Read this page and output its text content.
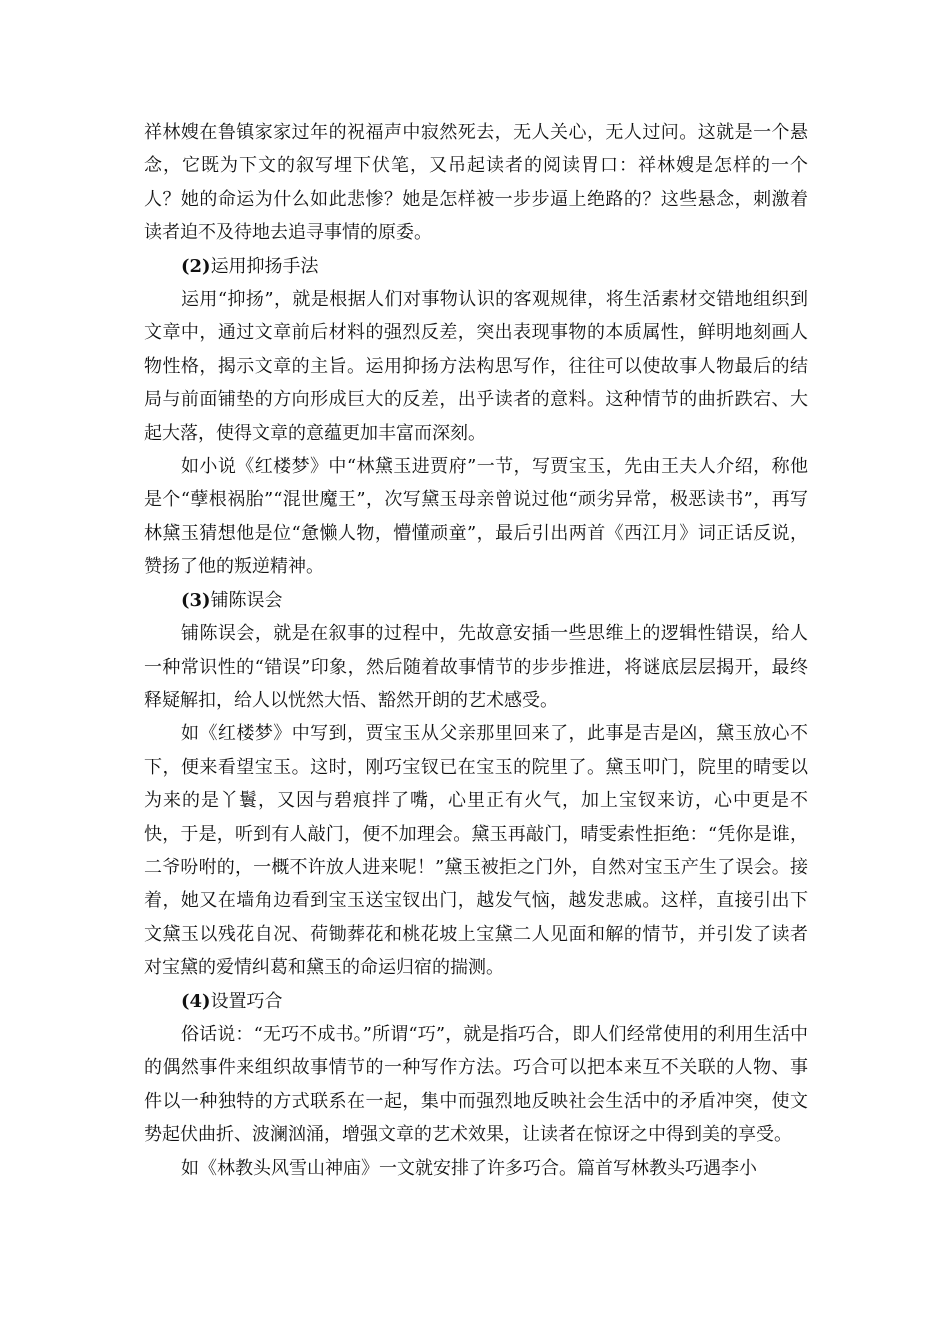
祥林嫂在鲁镇家家过年的祝福声中寂然死去，无人关心，无人过问。这就是一个悬念，它既为下文的叙写埋下伏笔，又吊起读者的阅读胃口：祥林嫂是怎样的一个人？她的命运为什么如此悲惨？她是怎样被一步步逼上绝路的？这些悬念，刺激着读者迫不及待地去追寻事情的原委。

(2)运用抑扬手法

运用“抑扬”，就是根据人们对事物认识的客观规律，将生活素材交错地组织到文章中，通过文章前后材料的强烈反差，突出表现事物的本质属性，鲜明地刻画人物性格，揭示文章的主旨。运用抑扬方法构思写作，往往可以使故事人物最后的结局与前面铺垫的方向形成巨大的反差，出乎读者的意料。这种情节的曲折跌宕、大起大落，使得文章的意蕴更加丰富而深刻。

如小说《红楼梦》中“林黛玉进贾府”一节，写贾宝玉，先由王夫人介绍，称他是个“孽根祸胎”“混世魔王”，次写黛玉母亲曾说过他“顽劣异常，极恶读书”，再写林黛玉猜想他是位“惫懒人物，懵懂顽童”，最后引出两首《西江月》词正话反说，赞扬了他的叛逆精神。

(3)铺陈误会

铺陈误会，就是在叙事的过程中，先故意安插一些思维上的逻辑性错误，给人一种常识性的“错误”印象，然后随着故事情节的步步推进，将谜底层层揭开，最终释疑解扣，给人以恍然大悟、豁然开朗的艺术感受。

如《红楼梦》中写到，贾宝玉从父亲那里回来了，此事是吉是凶，黛玉放心不下，便来看望宝玉。这时，刚巧宝钗已在宝玉的院里了。黛玉叩门，院里的晴雯以为来的是丫鬟，又因与碧痕拌了嘴，心里正有火气，加上宝钗来访，心中更是不快，于是，听到有人敲门，便不加理会。黛玉再敲门，晴雯索性拒绝：“凭你是谁，二爷吩咐的，一概不许放人进来呢！”黛玉被拒之门外，自然对宝玉产生了误会。接着，她又在墙角边看到宝玉送宝钗出门，越发气恼，越发悲戚。这样，直接引出下文黛玉以残花自况、荷锄葬花和桃花坡上宝黛二人见面和解的情节，并引发了读者对宝黛的爱情纠葛和黛玉的命运归宿的揣测。

(4)设置巧合

俗话说：“无巧不成书。”所谓“巧”，就是指巧合，即人们经常使用的利用生活中的偶然事件来组织故事情节的一种写作方法。巧合可以把本来互不关联的人物、事件以一种独特的方式联系在一起，集中而强烈地反映社会生活中的矛盾冲突，使文势起伏曲折、波澜汹涌，增强文章的艺术效果，让读者在惊讶之中得到美的享受。

如《林教头风雪山神庙》一文就安排了许多巧合。篇首写林教头巧遇李小
